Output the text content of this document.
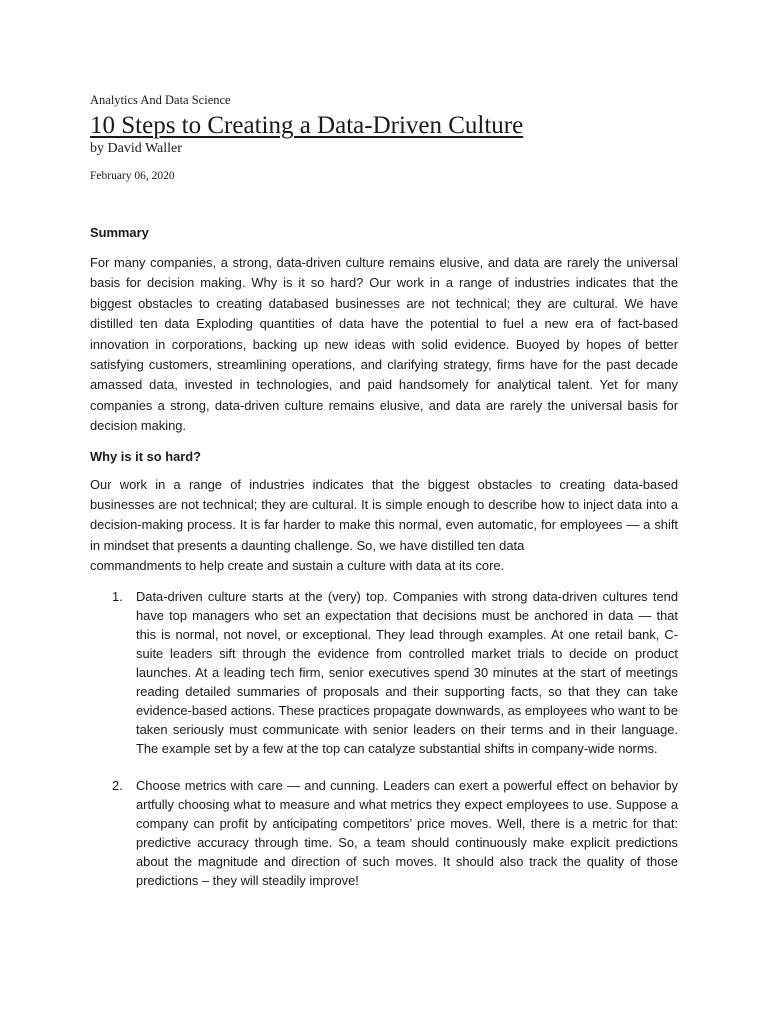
Analytics And Data Science

10 Steps to Creating a Data-Driven Culture

by David Waller

February 06, 2020

Summary

For many companies, a strong, data-driven culture remains elusive, and data are rarely the universal basis for decision making. Why is it so hard? Our work in a range of industries indicates that the biggest obstacles to creating databased businesses are not technical; they are cultural. We have distilled ten data Exploding quantities of data have the potential to fuel a new era of fact-based innovation in corporations, backing up new ideas with solid evidence. Buoyed by hopes of better satisfying customers, streamlining operations, and clarifying strategy, firms have for the past decade amassed data, invested in technologies, and paid handsomely for analytical talent. Yet for many companies a strong, data-driven culture remains elusive, and data are rarely the universal basis for decision making.

Why is it so hard?

Our work in a range of industries indicates that the biggest obstacles to creating data-based businesses are not technical; they are cultural. It is simple enough to describe how to inject data into a decision-making process. It is far harder to make this normal, even automatic, for employees — a shift in mindset that presents a daunting challenge. So, we have distilled ten data
commandments to help create and sustain a culture with data at its core.
1.	Data-driven culture starts at the (very) top. Companies with strong data-driven cultures tend have top managers who set an expectation that decisions must be anchored in data — that this is normal, not novel, or exceptional. They lead through examples. At one retail bank, C-suite leaders sift through the evidence from controlled market trials to decide on product launches. At a leading tech firm, senior executives spend 30 minutes at the start of meetings reading detailed summaries of proposals and their supporting facts, so that they can take evidence-based actions. These practices propagate downwards, as employees who want to be taken seriously must communicate with senior leaders on their terms and in their language. The example set by a few at the top can catalyze substantial shifts in company-wide norms.

2.	Choose metrics with care — and cunning. Leaders can exert a powerful effect on behavior by artfully choosing what to measure and what metrics they expect employees to use. Suppose a company can profit by anticipating competitors’ price moves. Well, there is a metric for that: predictive accuracy through time. So, a team should continuously make explicit predictions about the magnitude and direction of such moves. It should also track the quality of those predictions – they will steadily improve!
